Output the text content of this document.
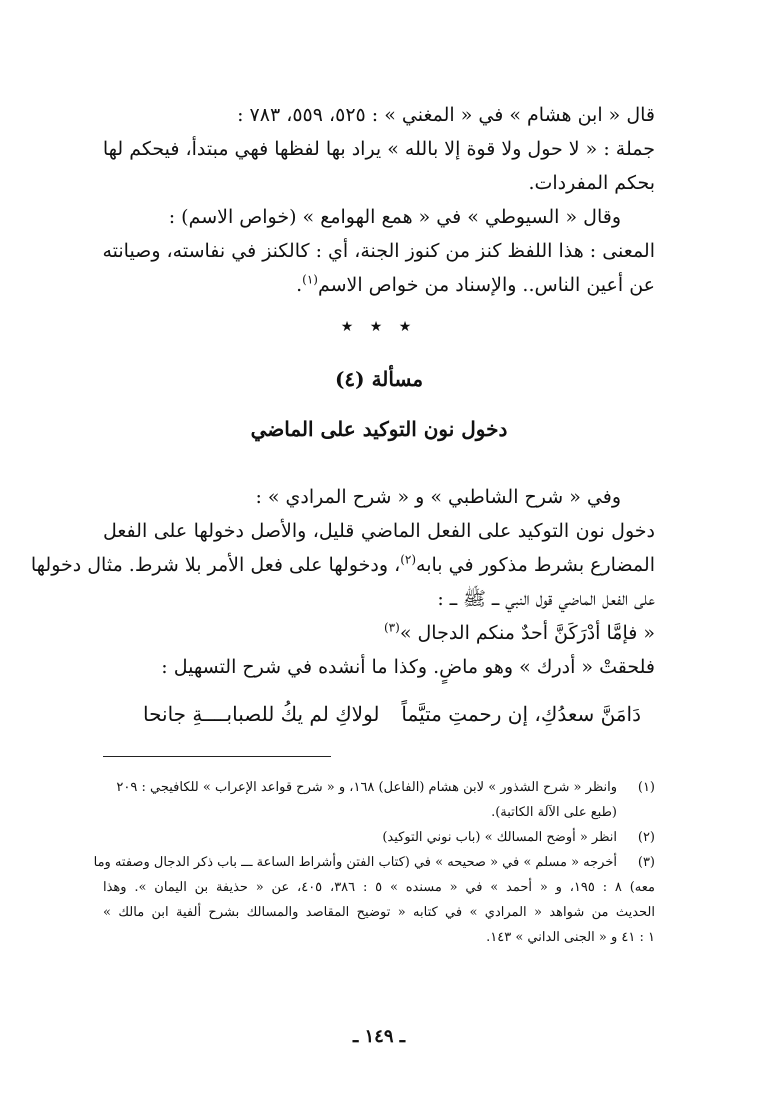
قال « ابن هشام » في « المغني » : ٥٢٥، ٥٥٩، ٧٨٣ :
جملة : « لا حول ولا قوة إلا بالله » يراد بها لفظها فهي مبتدأ، فيحكم لها
بحكم المفردات.
وقال « السيوطي » في « همع الهوامع » (خواص الاسم) :
المعنى : هذا اللفظ كنز من كنوز الجنة، أي : كالكنز في نفاسته، وصيانته
عن أعين الناس.. والإسناد من خواص الاسم$^{(١)}$.
★ ★ ★
مسألة (٤)
دخول نون التوكيد على الماضي
وفي « شرح الشاطبي » و « شرح المرادي » :
دخول نون التوكيد على الفعل الماضي قليل، والأصل دخولها على الفعل
المضارع بشرط مذكور في بابه$^{(٢)}$، ودخولها على فعل الأمر بلا شرط. مثال دخولها
على الفعل الماضي قول النبي ـــ ﷺ ـــ :
« فإمَّا أدْرَكَنَّ أحدٌ منكم الدجال »$^{(٣)}$
فلحقتْ « أدرك » وهو ماضٍ. وكذا ما أنشده في شرح التسهيل :
دَامَنَّ سعدُكِ، إن رحمتِ متيَّماً
لولاكِ لم يكُ للصبابــــةِ جانحا
(١)وانظر « شرح الشذور » لابن هشام (الفاعل) ١٦٨، و « شرح قواعد الإعراب » للكافيجي : ٢٠٩
(طبع على الآلة الكاتبة).
(٢)انظر « أوضح المسالك » (باب نوني التوكيد)
(٣)أخرجه « مسلم » في « صحيحه » في (كتاب الفتن وأشراط الساعة ـــ باب ذكر الدجال وصفته وما
معه) ٨ : ١٩٥، و « أحمد » في « مسنده » ٥ : ٣٨٦، ٤٠٥، عن « حذيفة بن اليمان ». وهذا
الحديث من شواهد « المرادي » في كتابه « توضيح المقاصد والمسالك بشرح ألفية ابن مالك »
١ : ٤١ و « الجنى الداني » ١٤٣.
ـ ١٤٩ ـ
